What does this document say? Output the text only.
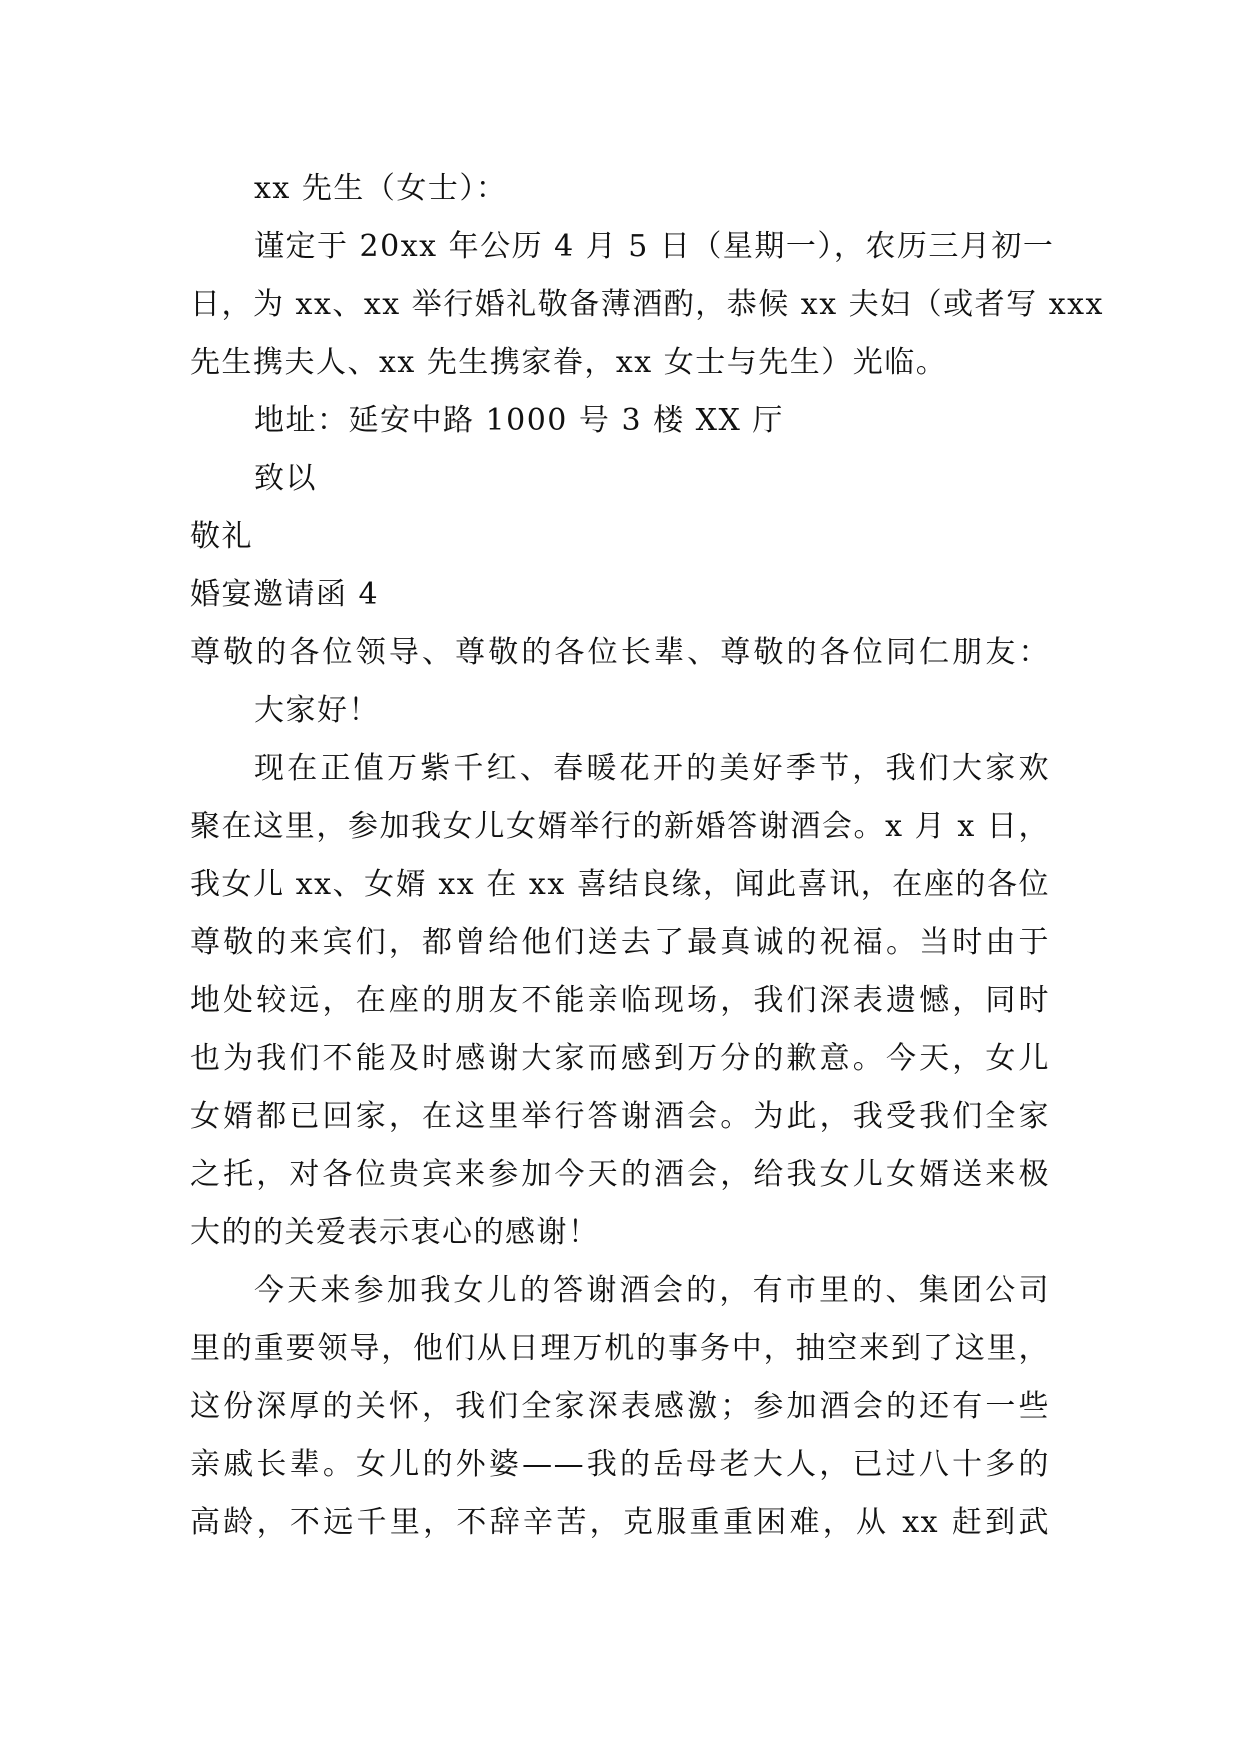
xx 先生（女士）：
谨定于 20xx 年公历 4 月 5 日（星期一），农历三月初一
日，为 xx、xx 举行婚礼敬备薄酒酌，恭候 xx 夫妇（或者写 xxx
先生携夫人、xx 先生携家眷，xx 女士与先生）光临。
地址：延安中路 1000 号 3 楼 XX 厅
致以
敬礼
婚宴邀请函 4
尊敬的各位领导、尊敬的各位长辈、尊敬的各位同仁朋友：
大家好！
现在正值万紫千红、春暖花开的美好季节，我们大家欢
聚在这里，参加我女儿女婿举行的新婚答谢酒会。x 月 x 日，
我女儿 xx、女婿 xx 在 xx 喜结良缘，闻此喜讯，在座的各位
尊敬的来宾们，都曾给他们送去了最真诚的祝福。当时由于
地处较远，在座的朋友不能亲临现场，我们深表遗憾，同时
也为我们不能及时感谢大家而感到万分的歉意。今天，女儿
女婿都已回家，在这里举行答谢酒会。为此，我受我们全家
之托，对各位贵宾来参加今天的酒会，给我女儿女婿送来极
大的的关爱表示衷心的感谢！
今天来参加我女儿的答谢酒会的，有市里的、集团公司
里的重要领导，他们从日理万机的事务中，抽空来到了这里，
这份深厚的关怀，我们全家深表感激；参加酒会的还有一些
亲戚长辈。女儿的外婆——我的岳母老大人，已过八十多的
高龄，不远千里，不辞辛苦，克服重重困难，从 xx 赶到武
